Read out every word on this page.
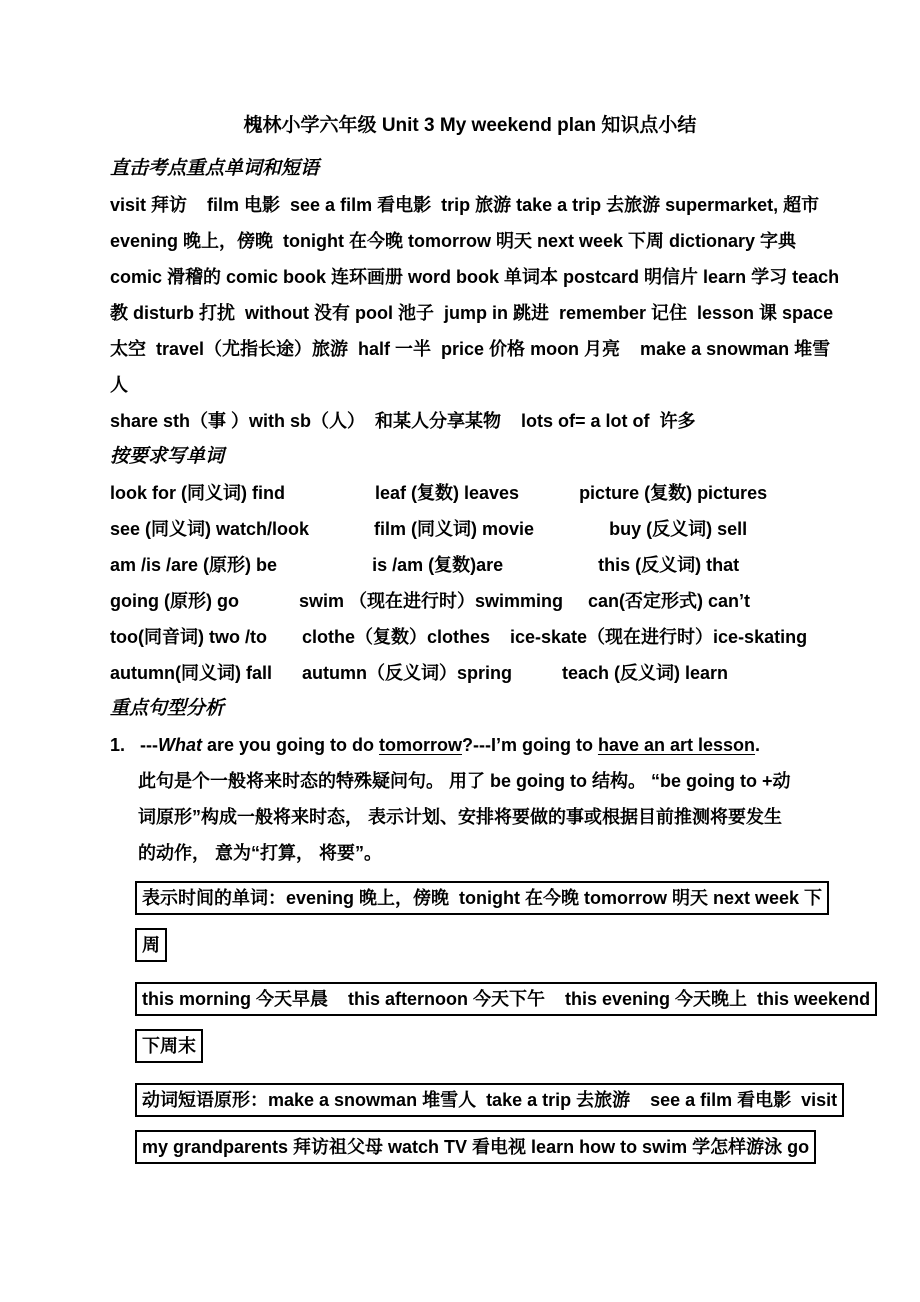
槐林小学六年级 Unit 3 My weekend plan 知识点小结
直击考点重点单词和短语
visit 拜访    film 电影  see a film 看电影  trip 旅游 take a trip 去旅游 supermarket, 超市
evening 晚上，傍晚  tonight 在今晚 tomorrow 明天 next week 下周 dictionary 字典
comic 滑稽的 comic book 连环画册 word book 单词本 postcard 明信片 learn 学习 teach
教 disturb 打扰  without 没有 pool 池子  jump in 跳进  remember 记住  lesson 课 space
太空  travel（尤指长途）旅游  half 一半  price 价格 moon 月亮    make a snowman 堆雪
人
share sth（事 ）with sb（人）  和某人分享某物    lots of= a lot of  许多
按要求写单词
look for (同义词) find                  leaf (复数) leaves            picture (复数) pictures
see (同义词) watch/look             film (同义词) movie               buy (反义词) sell
am /is /are (原形) be                   is /am (复数)are                   this (反义词) that
going (原形) go            swim （现在进行时）swimming     can(否定形式) can’t
too(同音词) two /to       clothe（复数）clothes    ice-skate（现在进行时）ice-skating
autumn(同义词) fall      autumn（反义词）spring          teach (反义词) learn
重点句型分析
1. ---What are you going to do tomorrow?---I’m going to have an art lesson.
此句是个一般将来时态的特殊疑问句。 用了 be going to 结构。 “be going to +动
词原形”构成一般将来时态， 表示计划、安排将要做的事或根据目前推测将要发生
的动作， 意为“打算， 将要”。
表示时间的单词：evening 晚上，傍晚  tonight 在今晚 tomorrow 明天 next week 下
周
this morning 今天早晨    this afternoon 今天下午    this evening 今天晚上  this weekend
下周末
动词短语原形：make a snowman 堆雪人  take a trip 去旅游    see a film 看电影  visit
my grandparents 拜访祖父母 watch TV 看电视 learn how to swim 学怎样游泳 go
